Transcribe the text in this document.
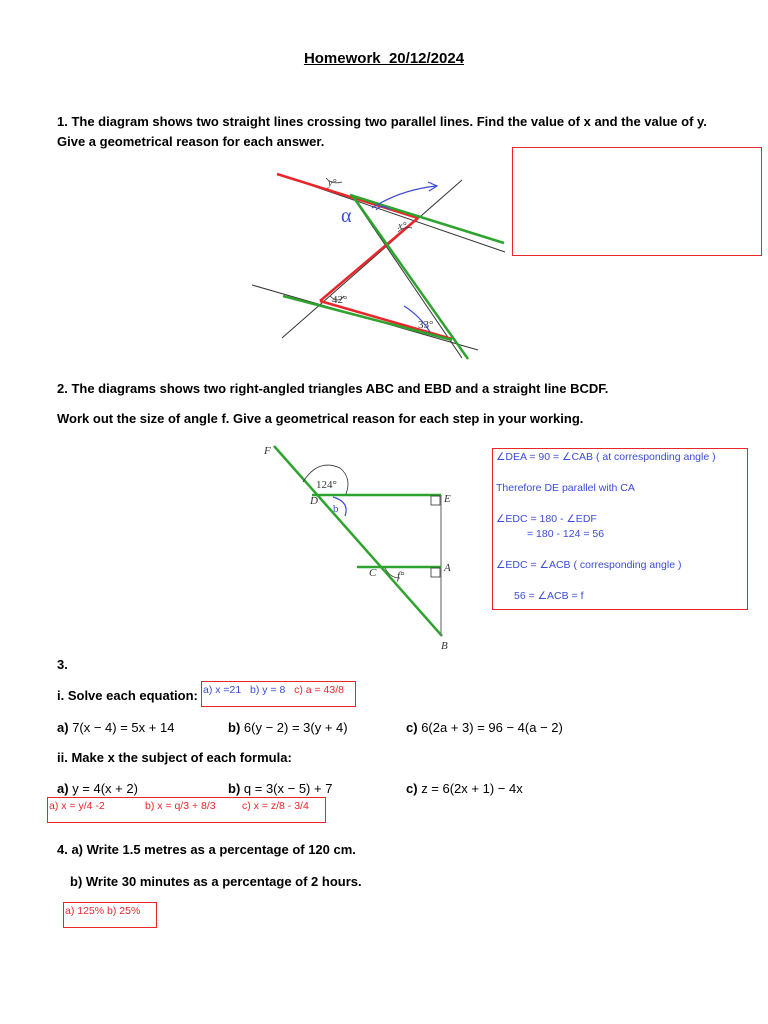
Homework_20/12/2024
1. The diagram shows two straight lines crossing two parallel lines. Find the value of x and the value of y.
Give a geometrical reason for each answer.
y°
x°
42°
33°
α
2. The diagrams shows two right-angled triangles ABC and EBD and a straight line BCDF.
Work out the size of angle f. Give a geometrical reason for each step in your working.
F
124°
D	E
C f°
A
B
b
∠DEA = 90 = ∠CAB ( at corresponding angle )
Therefore DE parallel with CA
∠EDC = 180 - ∠EDF
= 180 - 124 = 56
∠EDC = ∠ACB ( corresponding angle )
56 = ∠ACB = f
3.
i. Solve each equation: a) x =21 b) y = 8 c) a = 43/8
a) 7(x − 4) = 5x + 14	b) 6(y − 2) = 3(y + 4)	c) 6(2a + 3) = 96 − 4(a − 2)
ii. Make x the subject of each formula:
a) y = 4(x + 2)	b) q = 3(x − 5) + 7	c) z = 6(2x + 1) − 4x
a) x = y/4 -2	b) x = q/3 + 8/3	c) x = z/8 - 3/4
4. a) Write 1.5 metres as a percentage of 120 cm.
b) Write 30 minutes as a percentage of 2 hours.
a) 125% b) 25%
